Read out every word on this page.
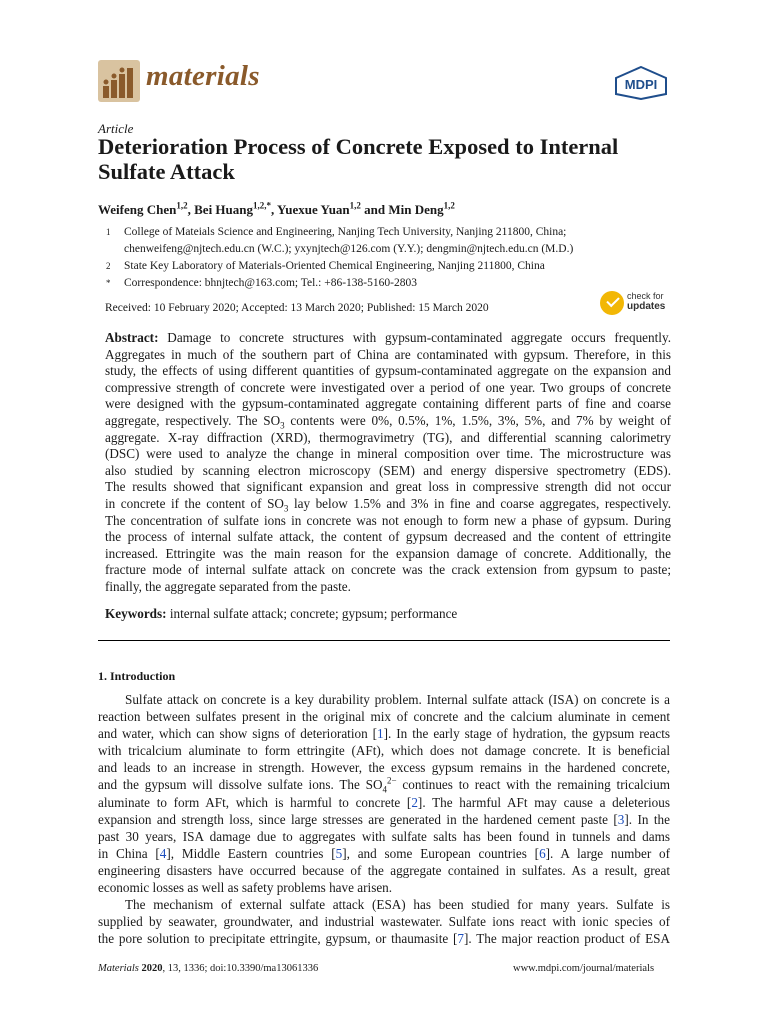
materials	MDPI
Article
Deterioration Process of Concrete Exposed to Internal Sulfate Attack
Weifeng Chen$^{1,2}$, Bei Huang$^{1,2,*}$, Yuexue Yuan$^{1,2}$ and Min Deng$^{1,2}$
1 College of Mateials Science and Engineering, Nanjing Tech University, Nanjing 211800, China;
chenweifeng@njtech.edu.cn (W.C.); yxynjtech@126.com (Y.Y.); dengmin@njtech.edu.cn (M.D.)
2 State Key Laboratory of Materials-Oriented Chemical Engineering, Nanjing 211800, China
* Correspondence: bhnjtech@163.com; Tel.: +86-138-5160-2803
Received: 10 February 2020; Accepted: 13 March 2020; Published: 15 March 2020
check for
updates
Abstract: Damage to concrete structures with gypsum-contaminated aggregate occurs frequently.
Aggregates in much of the southern part of China are contaminated with gypsum. Therefore, in this
study, the effects of using different quantities of gypsum-contaminated aggregate on the expansion and
compressive strength of concrete were investigated over a period of one year. Two groups of concrete
were designed with the gypsum-contaminated aggregate containing different parts of fine and coarse
aggregate, respectively. The $SO_3$ contents were 0%, 0.5%, 1%, 1.5%, 3%, 5%, and 7% by weight of
aggregate. X-ray diffraction (XRD), thermogravimetry (TG), and differential scanning calorimetry
(DSC) were used to analyze the change in mineral composition over time. The microstructure was
also studied by scanning electron microscopy (SEM) and energy dispersive spectrometry (EDS).
The results showed that significant expansion and great loss in compressive strength did not occur
in concrete if the content of $SO_3$ lay below 1.5% and 3% in fine and coarse aggregates, respectively.
The concentration of sulfate ions in concrete was not enough to form new a phase of gypsum. During
the process of internal sulfate attack, the content of gypsum decreased and the content of ettringite
increased. Ettringite was the main reason for the expansion damage of concrete. Additionally, the
fracture mode of internal sulfate attack on concrete was the crack extension from gypsum to paste;
finally, the aggregate separated from the paste.
Keywords: internal sulfate attack; concrete; gypsum; performance
1. Introduction
Sulfate attack on concrete is a key durability problem. Internal sulfate attack (ISA) on concrete is a
reaction between sulfates present in the original mix of concrete and the calcium aluminate in cement
and water, which can show signs of deterioration [1]. In the early stage of hydration, the gypsum reacts
with tricalcium aluminate to form ettringite (AFt), which does not damage concrete. It is beneficial
and leads to an increase in strength. However, the excess gypsum remains in the hardened concrete,
and the gypsum will dissolve sulfate ions. The $SO_4^{2-}$ continues to react with the remaining tricalcium
aluminate to form AFt, which is harmful to concrete [2]. The harmful AFt may cause a deleterious
expansion and strength loss, since large stresses are generated in the hardened cement paste [3]. In the
past 30 years, ISA damage due to aggregates with sulfate salts has been found in tunnels and dams
in China [4], Middle Eastern countries [5], and some European countries [6]. A large number of
engineering disasters have occurred because of the aggregate contained in sulfates. As a result, great
economic losses as well as safety problems have arisen.
The mechanism of external sulfate attack (ESA) has been studied for many years. Sulfate is
supplied by seawater, groundwater, and industrial wastewater. Sulfate ions react with ionic species of
the pore solution to precipitate ettringite, gypsum, or thaumasite [7]. The major reaction product of ESA
Materials 2020, 13, 1336; doi:10.3390/ma13061336	www.mdpi.com/journal/materials
